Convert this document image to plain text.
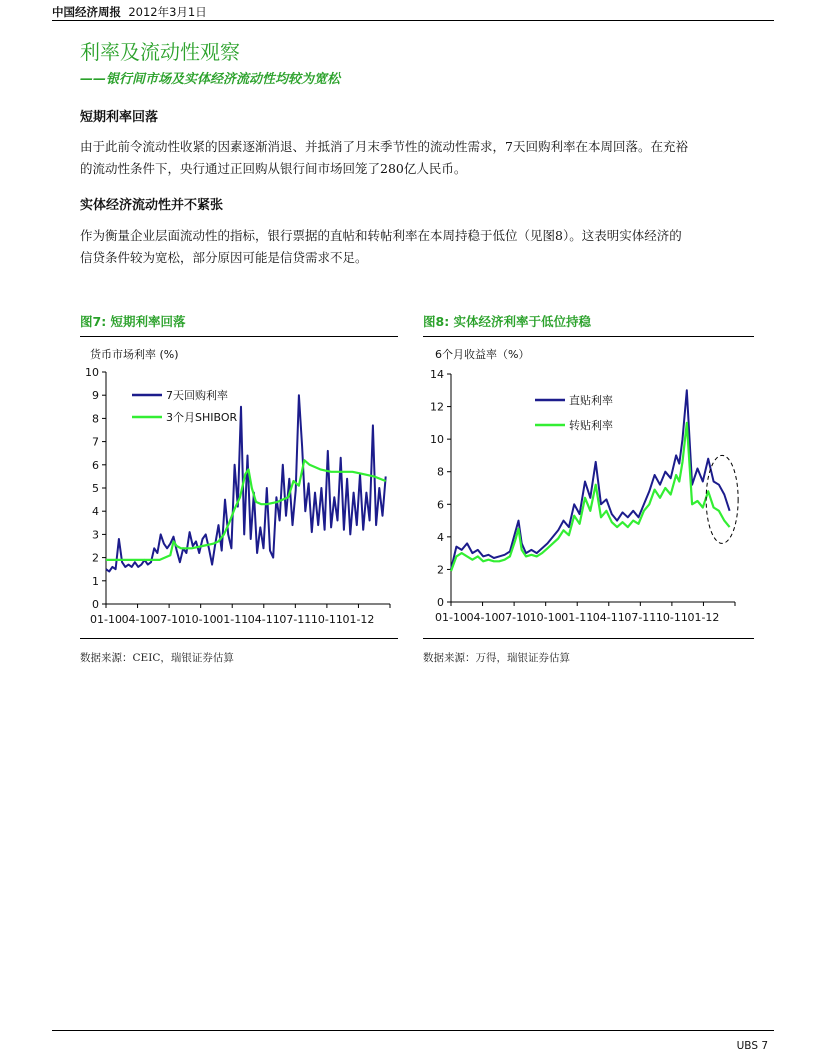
中国经济周报 2012年3月1日
利率及流动性观察
——银行间市场及实体经济流动性均较为宽松
短期利率回落
由于此前令流动性收紧的因素逐渐消退、并抵消了月末季节性的流动性需求，7天回购利率在本周回落。在充裕
的流动性条件下，央行通过正回购从银行间市场回笼了280亿人民币。
实体经济流动性并不紧张
作为衡量企业层面流动性的指标，银行票据的直帖和转帖利率在本周持稳于低位（见图8）。这表明实体经济的
信贷条件较为宽松，部分原因可能是信贷需求不足。
图7: 短期利率回落
货币市场利率 (%)
0
1
2
3
4
5
6
7
8
9
10
01-10 04-10 07-10 10-10 01-11 04-11 07-11 10-11 01-12
7天回购利率
3个月SHIBOR
数据来源：CEIC，瑞银证券估算
图8: 实体经济利率于低位持稳
6个月收益率（%）
0
2
4
6
8
10
12
14
01-10 04-10 07-10 10-10 01-11 04-11 07-11 10-11 01-12
直贴利率
转贴利率
数据来源：万得，瑞银证券估算
UBS 7
